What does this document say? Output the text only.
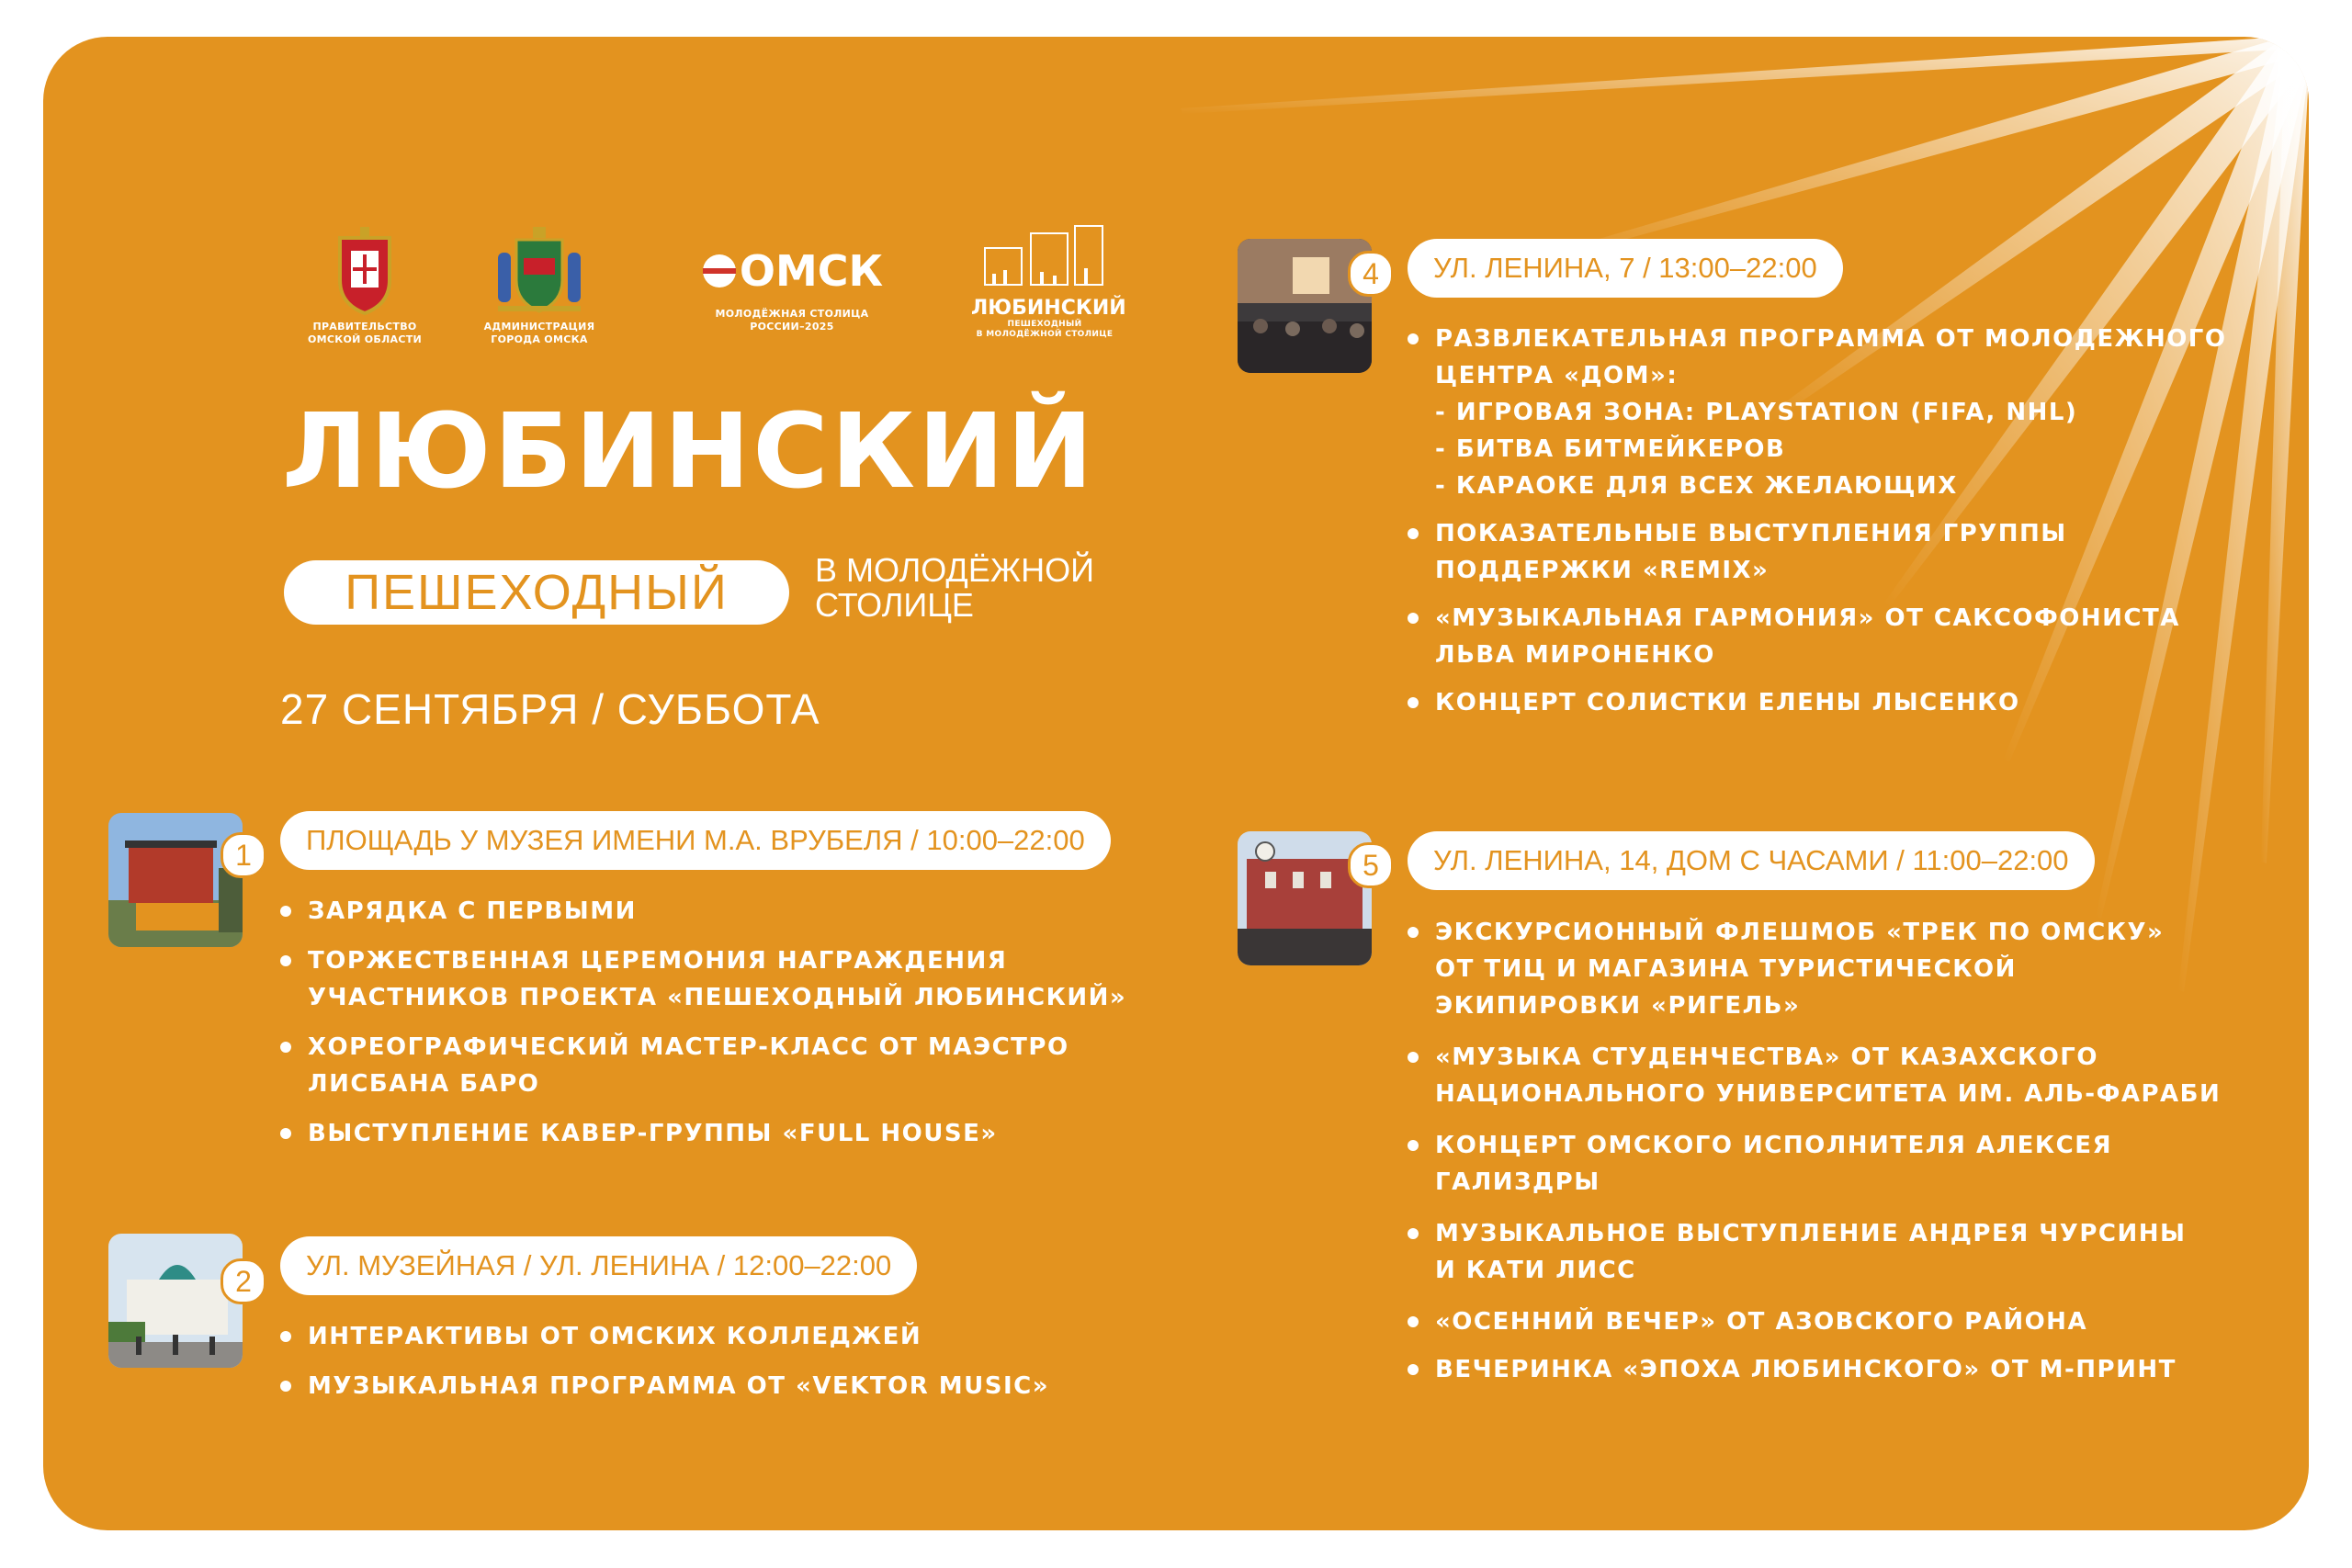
ПРАВИТЕЛЬСТВО
ОМСКОЙ ОБЛАСТИ
АДМИНИСТРАЦИЯ
ГОРОДА ОМСКА
ОМСК
МОЛОДЁЖНАЯ СТОЛИЦА
РОССИИ–2025
ЛЮБИНСКИЙ
ПЕШЕХОДНЫЙ
В МОЛОДЁЖНОЙ СТОЛИЦЕ
ЛЮБИНСКИЙ
ПЕШЕХОДНЫЙ	В МОЛОДЁЖНОЙ
СТОЛИЦЕ
27 СЕНТЯБРЯ / СУББОТА
1	ПЛОЩАДЬ У МУЗЕЯ ИМЕНИ М.А. ВРУБЕЛЯ / 10:00–22:00
ЗАРЯДКА С ПЕРВЫМИ
ТОРЖЕСТВЕННАЯ ЦЕРЕМОНИЯ НАГРАЖДЕНИЯ
УЧАСТНИКОВ ПРОЕКТА «ПЕШЕХОДНЫЙ ЛЮБИНСКИЙ»
ХОРЕОГРАФИЧЕСКИЙ МАСТЕР-КЛАСС ОТ МАЭСТРО
ЛИСБАНА БАРО
ВЫСТУПЛЕНИЕ КАВЕР-ГРУППЫ «FULL HOUSE»
2	УЛ. МУЗЕЙНАЯ / УЛ. ЛЕНИНА / 12:00–22:00
ИНТЕРАКТИВЫ ОТ ОМСКИХ КОЛЛЕДЖЕЙ
МУЗЫКАЛЬНАЯ ПРОГРАММА ОТ «VEKTOR MUSIC»
4	УЛ. ЛЕНИНА, 7 / 13:00–22:00
РАЗВЛЕКАТЕЛЬНАЯ ПРОГРАММА ОТ МОЛОДЕЖНОГО
ЦЕНТРА «ДОМ»:
- ИГРОВАЯ ЗОНА: PLAYSTATION (FIFA, NHL)
- БИТВА БИТМЕЙКЕРОВ
- КАРАОКЕ ДЛЯ ВСЕХ ЖЕЛАЮЩИХ
ПОКАЗАТЕЛЬНЫЕ ВЫСТУПЛЕНИЯ ГРУППЫ
ПОДДЕРЖКИ «REMIX»
«МУЗЫКАЛЬНАЯ ГАРМОНИЯ» ОТ САКСОФОНИСТА
ЛЬВА МИРОНЕНКО
КОНЦЕРТ СОЛИСТКИ ЕЛЕНЫ ЛЫСЕНКО
5	УЛ. ЛЕНИНА, 14, ДОМ С ЧАСАМИ / 11:00–22:00
ЭКСКУРСИОННЫЙ ФЛЕШМОБ «ТРЕК ПО ОМСКУ»
ОТ ТИЦ И МАГАЗИНА ТУРИСТИЧЕСКОЙ
ЭКИПИРОВКИ «РИГЕЛЬ»
«МУЗЫКА СТУДЕНЧЕСТВА» ОТ КАЗАХСКОГО
НАЦИОНАЛЬНОГО УНИВЕРСИТЕТА ИМ. АЛЬ-ФАРАБИ
КОНЦЕРТ ОМСКОГО ИСПОЛНИТЕЛЯ АЛЕКСЕЯ
ГАЛИЗДРЫ
МУЗЫКАЛЬНОЕ ВЫСТУПЛЕНИЕ АНДРЕЯ ЧУРСИНЫ
И КАТИ ЛИСС
«ОСЕННИЙ ВЕЧЕР» ОТ АЗОВСКОГО РАЙОНА
ВЕЧЕРИНКА «ЭПОХА ЛЮБИНСКОГО» ОТ М-ПРИНТ
